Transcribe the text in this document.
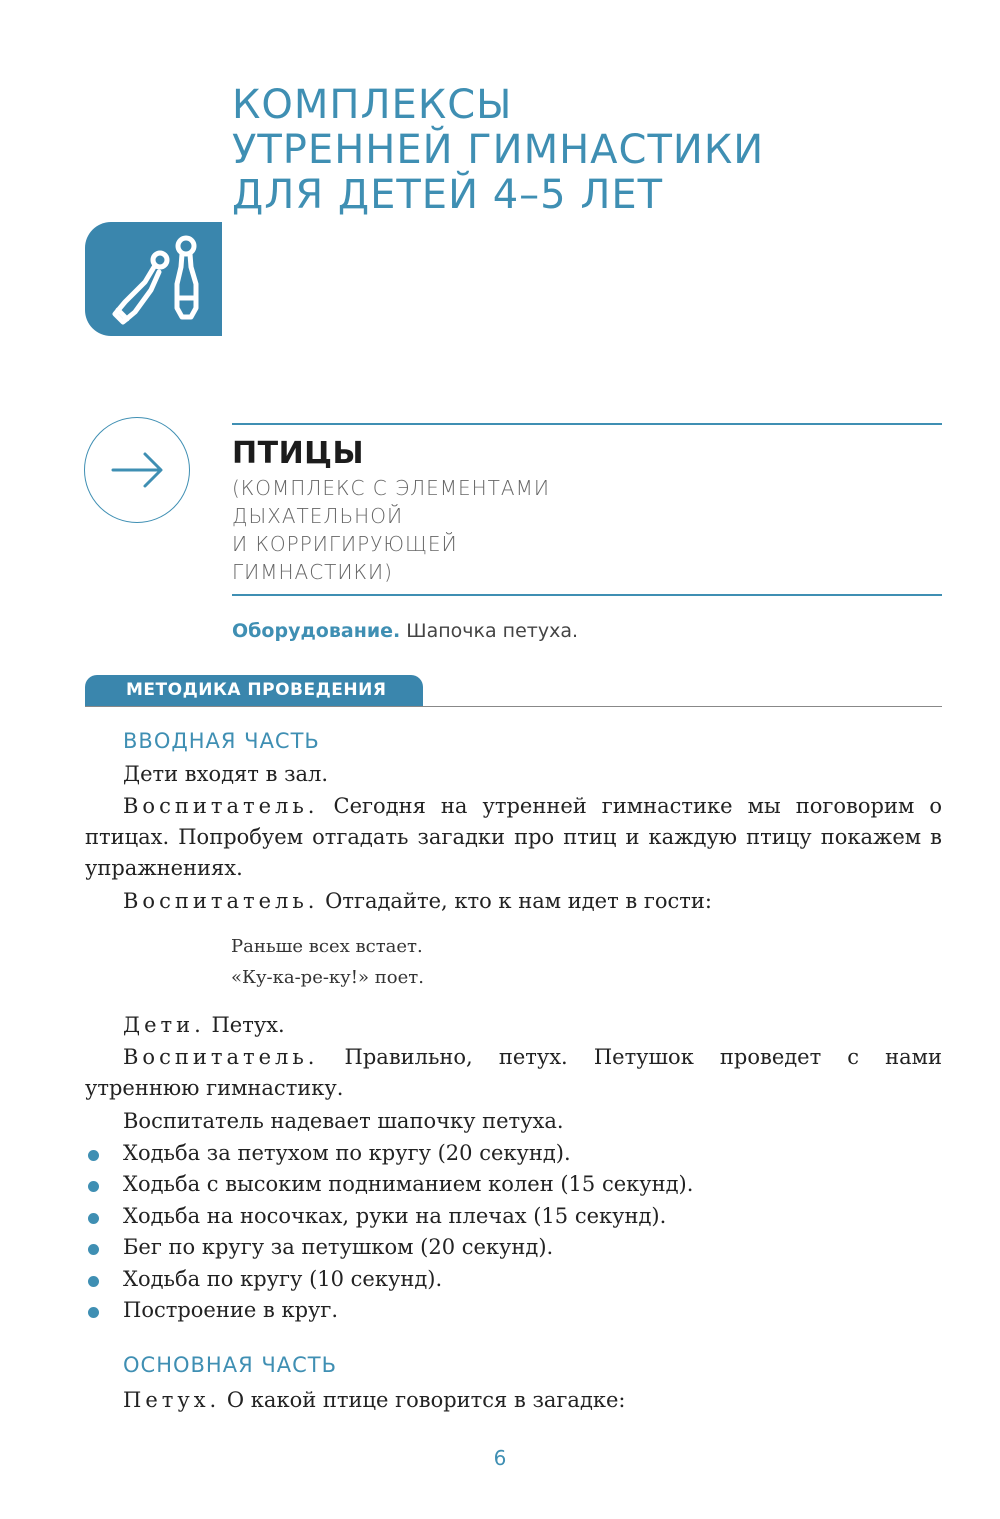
КОМПЛЕКСЫ
УТРЕННЕЙ ГИМНАСТИКИ
ДЛЯ ДЕТЕЙ 4–5 ЛЕТ
ПТИЦЫ
(КОМПЛЕКС С ЭЛЕМЕНТАМИ
ДЫХАТЕЛЬНОЙ
И КОРРИГИРУЮЩЕЙ
ГИМНАСТИКИ)
Оборудование. Шапочка петуха.
МЕТОДИКА ПРОВЕДЕНИЯ
ВВОДНАЯ ЧАСТЬ

Дети входят в зал.

Воспитатель. Сегодня на утренней гимнастике мы поговорим о птицах. Попробуем отгадать загадки про птиц и каждую птицу покажем в упражнениях.

Воспитатель. Отгадайте, кто к нам идет в гости:

Раньше всех встает.
«Ку-ка-ре-ку!» поет.

Дети. Петух.

Воспитатель. Правильно, петух. Петушок проведет с нами утреннюю гимнастику.

Воспитатель надевает шапочку петуха.

Ходьба за петухом по кругу (20 секунд).
Ходьба с высоким подниманием колен (15 секунд).
Ходьба на носочках, руки на плечах (15 секунд).
Бег по кругу за петушком (20 секунд).
Ходьба по кругу (10 секунд).
Построение в круг.
ОСНОВНАЯ ЧАСТЬ

Петух. О какой птице говорится в загадке:

6
